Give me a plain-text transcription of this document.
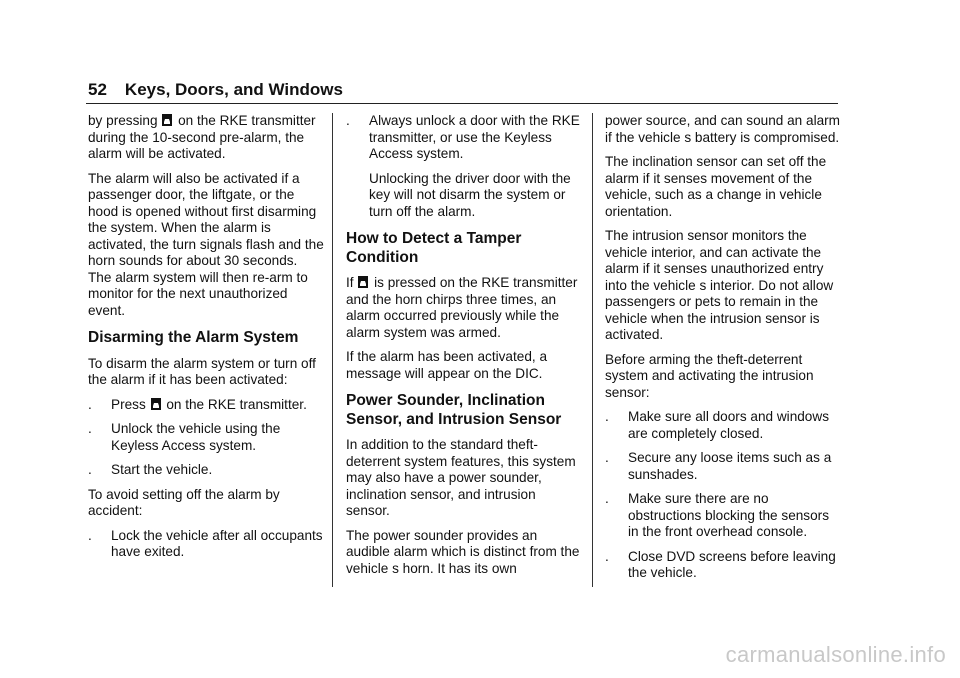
52 Keys, Doors, and Windows

by pressing on the RKE transmitter during the 10-second pre-alarm, the alarm will be activated.

The alarm will also be activated if a passenger door, the liftgate, or the hood is opened without first disarming the system. When the alarm is activated, the turn signals flash and the horn sounds for about 30 seconds. The alarm system will then re-arm to monitor for the next unauthorized event.

Disarming the Alarm System

To disarm the alarm system or turn off the alarm if it has been activated:

. Press on the RKE transmitter.
. Unlock the vehicle using the Keyless Access system.
. Start the vehicle.

To avoid setting off the alarm by accident:

. Lock the vehicle after all occupants have exited.
. Always unlock a door with the RKE transmitter, or use the Keyless Access system.
Unlocking the driver door with the key will not disarm the system or turn off the alarm.
How to Detect a Tamper Condition

If is pressed on the RKE transmitter and the horn chirps three times, an alarm occurred previously while the alarm system was armed.

If the alarm has been activated, a message will appear on the DIC.

Power Sounder, Inclination Sensor, and Intrusion Sensor

In addition to the standard theft-deterrent system features, this system may also have a power sounder, inclination sensor, and intrusion sensor.

The power sounder provides an audible alarm which is distinct from the vehicle s horn. It has its own

power source, and can sound an alarm if the vehicle s battery is compromised.

The inclination sensor can set off the alarm if it senses movement of the vehicle, such as a change in vehicle orientation.

The intrusion sensor monitors the vehicle interior, and can activate the alarm if it senses unauthorized entry into the vehicle s interior. Do not allow passengers or pets to remain in the vehicle when the intrusion sensor is activated.

Before arming the theft-deterrent system and activating the intrusion sensor:

. Make sure all doors and windows are completely closed.
. Secure any loose items such as a sunshades.
. Make sure there are no obstructions blocking the sensors in the front overhead console.
. Close DVD screens before leaving the vehicle.
carmanualsonline.info
